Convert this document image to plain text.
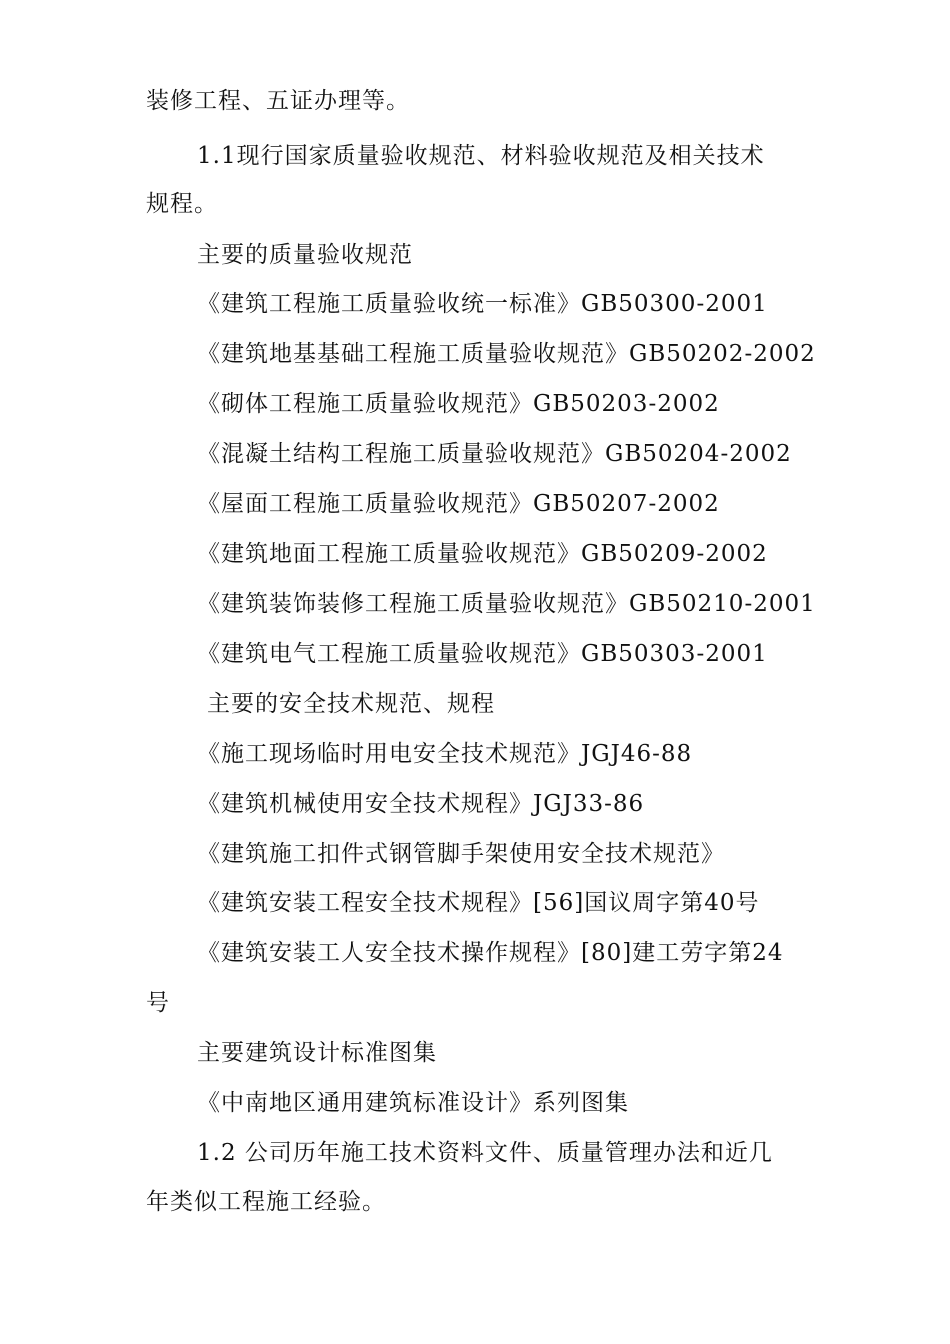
装修工程、五证办理等。
1.1现行国家质量验收规范、材料验收规范及相关技术
规程。
主要的质量验收规范
《建筑工程施工质量验收统一标准》GB50300-2001
《建筑地基基础工程施工质量验收规范》GB50202-2002
《砌体工程施工质量验收规范》GB50203-2002
《混凝土结构工程施工质量验收规范》GB50204-2002
《屋面工程施工质量验收规范》GB50207-2002
《建筑地面工程施工质量验收规范》GB50209-2002
《建筑装饰装修工程施工质量验收规范》GB50210-2001
《建筑电气工程施工质量验收规范》GB50303-2001
主要的安全技术规范、规程
《施工现场临时用电安全技术规范》JGJ46-88
《建筑机械使用安全技术规程》JGJ33-86
《建筑施工扣件式钢管脚手架使用安全技术规范》
《建筑安装工程安全技术规程》[56]国议周字第40号
《建筑安装工人安全技术操作规程》[80]建工劳字第24
号
主要建筑设计标准图集
《中南地区通用建筑标准设计》系列图集
1.2 公司历年施工技术资料文件、质量管理办法和近几
年类似工程施工经验。
